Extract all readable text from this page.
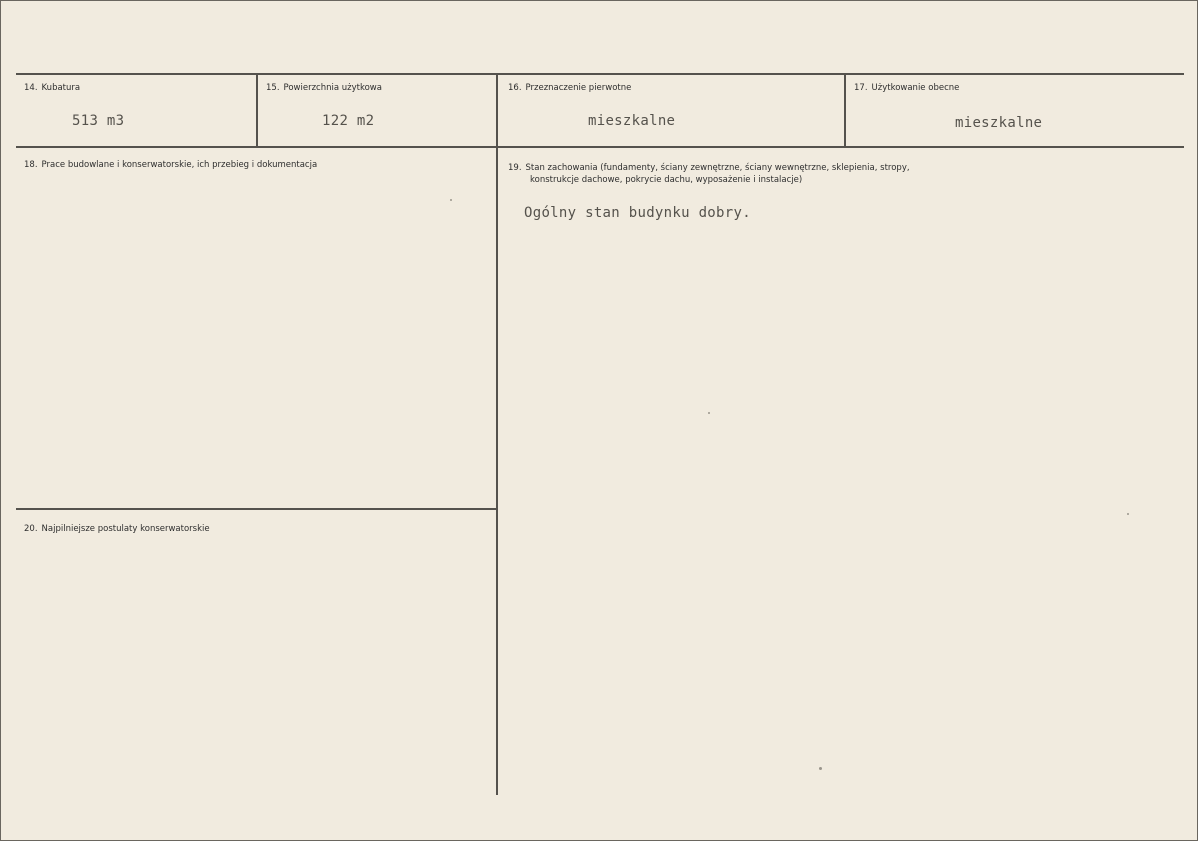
14. Kubatura
513 m3
15. Powierzchnia użytkowa
122 m2
16. Przeznaczenie pierwotne
mieszkalne
17. Użytkowanie obecne
mieszkalne
18. Prace budowlane i konserwatorskie, ich przebieg i dokumentacja	19. Stan zachowania (fundamenty, ściany zewnętrzne, ściany wewnętrzne, sklepienia, stropy,
konstrukcje dachowe, pokrycie dachu, wyposażenie i instalacje)
Ogólny stan budynku dobry.
20. Najpilniejsze postulaty konserwatorskie
